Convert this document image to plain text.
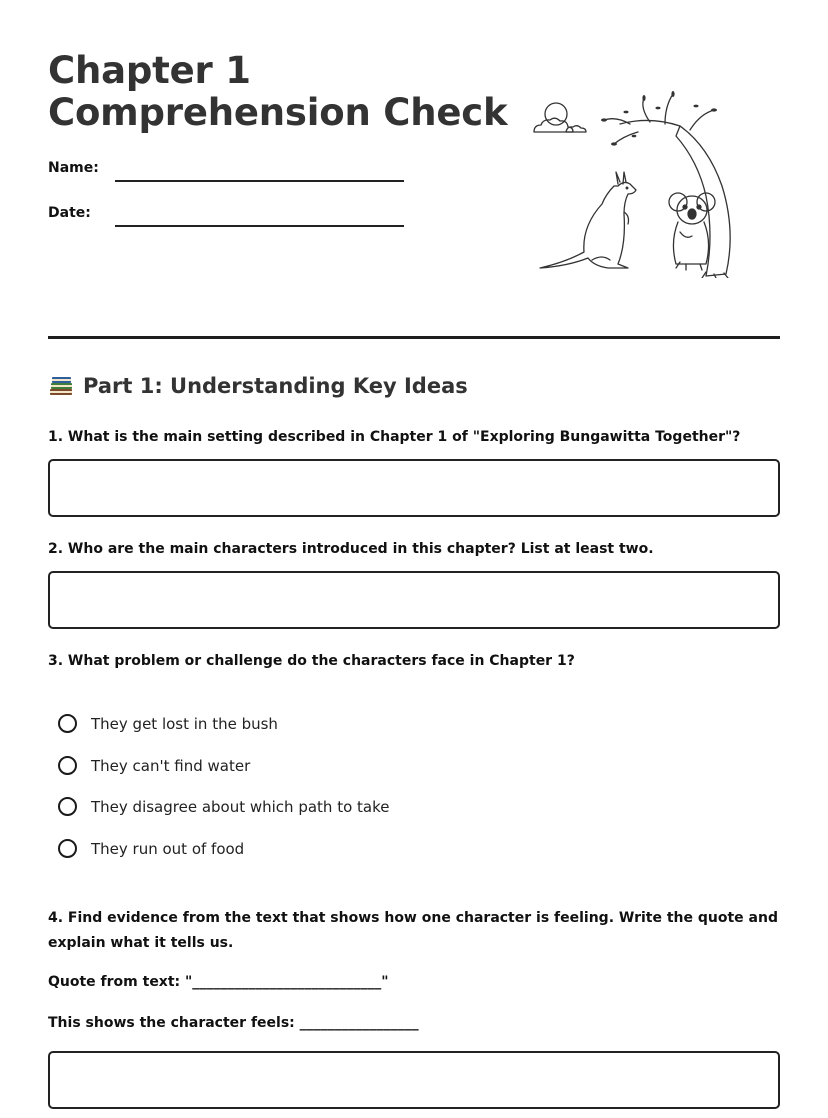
Chapter 1
Comprehension Check
Name:
Date:
Part 1: Understanding Key Ideas

1. What is the main setting described in Chapter 1 of "Exploring Bungawitta Together"?

2. Who are the main characters introduced in this chapter? List at least two.

3. What problem or challenge do the characters face in Chapter 1?

They get lost in the bush
They can't find water
They disagree about which path to take
They run out of food

4. Find evidence from the text that shows how one character is feeling. Write the quote and explain what it tells us.

Quote from text: "___________________________"
This shows the character feels: _________________
